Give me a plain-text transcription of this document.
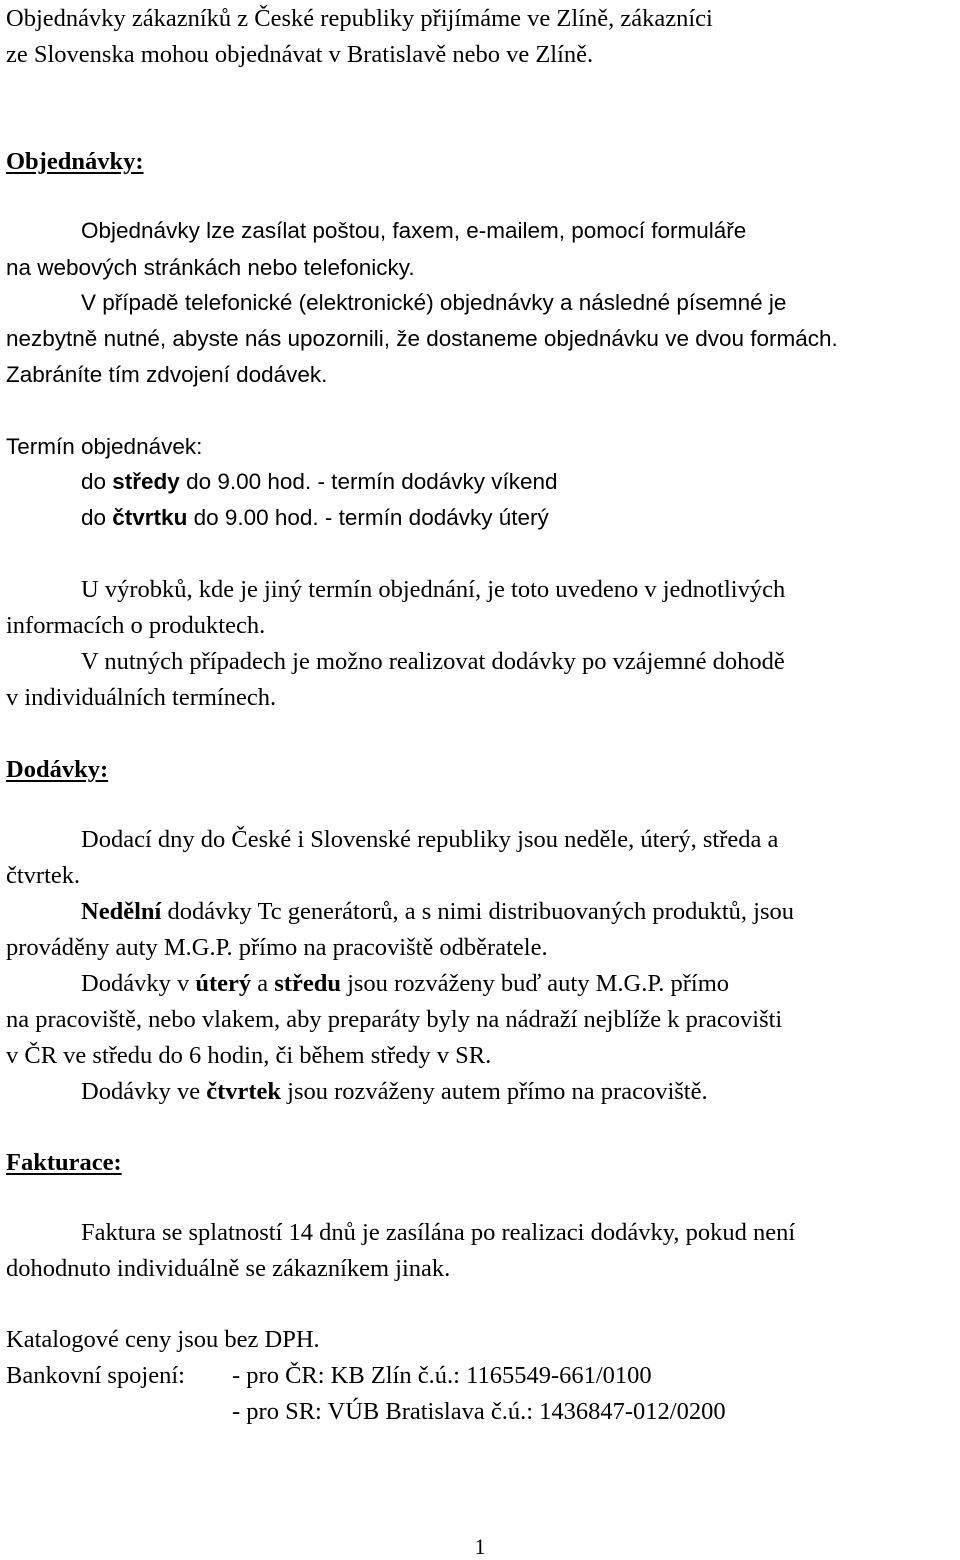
Objednávky zákazníků z České republiky přijímáme ve Zlíně, zákazníci
ze Slovenska mohou objednávat v Bratislavě nebo ve Zlíně.
Objednávky:
Objednávky lze zasílat poštou, faxem, e-mailem, pomocí formuláře
na webových stránkách nebo telefonicky.
V případě telefonické (elektronické) objednávky a následné písemné je
nezbytně nutné, abyste nás upozornili, že dostaneme objednávku ve dvou formách.
Zabráníte tím zdvojení dodávek.
Termín objednávek:
do středy do 9.00 hod. - termín dodávky víkend
do čtvrtku do 9.00 hod. - termín dodávky úterý
U výrobků, kde je jiný termín objednání, je toto uvedeno v jednotlivých
informacích o produktech.
V nutných případech je možno realizovat dodávky po vzájemné dohodě
v individuálních termínech.
Dodávky:
Dodací dny do České i Slovenské republiky jsou neděle, úterý, středa a
čtvrtek.
Nedělní dodávky Tc generátorů, a s nimi distribuovaných produktů, jsou
prováděny auty M.G.P. přímo na pracoviště odběratele.
Dodávky v úterý a středu jsou rozváženy buď auty M.G.P. přímo
na pracoviště, nebo vlakem, aby preparáty byly na nádraží nejblíže k pracovišti
v ČR ve středu do 6 hodin, či během středy v SR.
Dodávky ve čtvrtek jsou rozváženy autem přímo na pracoviště.
Fakturace:
Faktura se splatností 14 dnů je zasílána po realizaci dodávky, pokud není
dohodnuto individuálně se zákazníkem jinak.
Katalogové ceny jsou bez DPH.
Bankovní spojení: - pro ČR: KB Zlín č.ú.: 1165549-661/0100
- pro SR: VÚB Bratislava č.ú.: 1436847-012/0200
1
